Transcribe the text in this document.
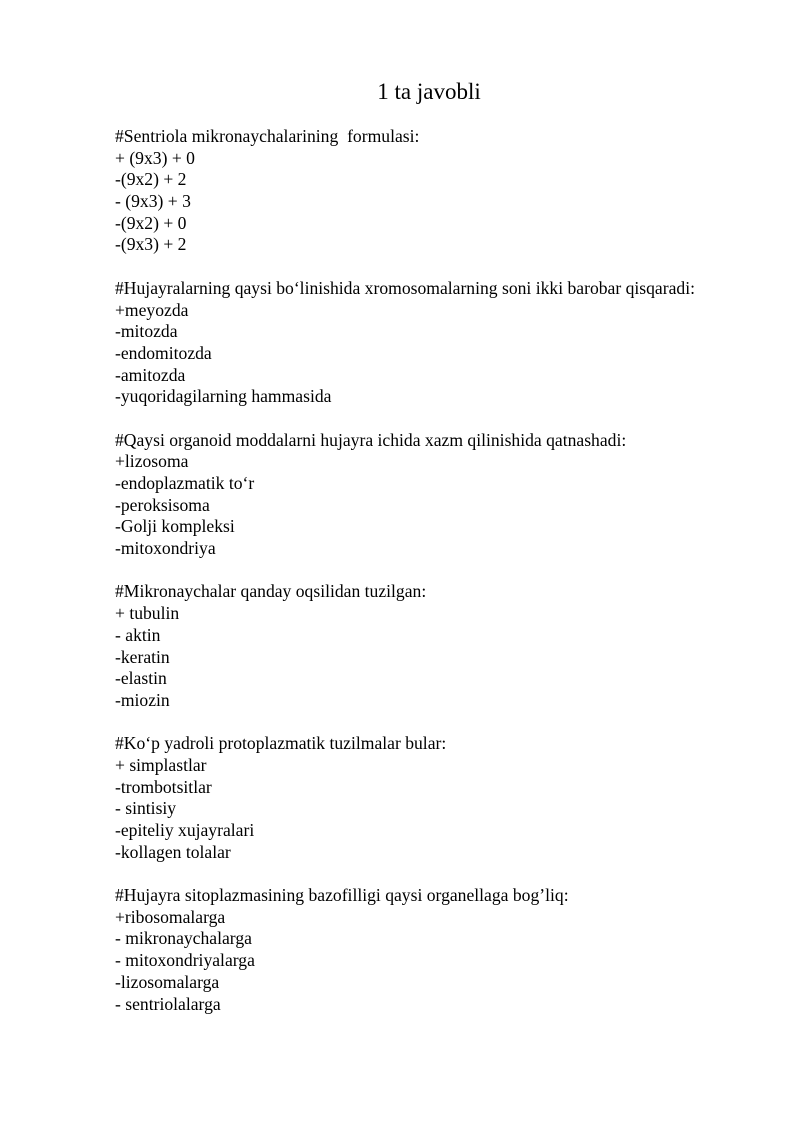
1 ta javobli
#Sentriola mikronaychalarining  formulasi:
+ (9x3) + 0
-(9x2) + 2
- (9x3) + 3
-(9x2) + 0
-(9x3) + 2
#Hujayralarning qaysi bo‘linishida xromosomalarning soni ikki barobar qisqaradi:
+meyozda
-mitozda
-endomitozda
-amitozda
-yuqoridagilarning hammasida
#Qaysi organoid moddalarni hujayra ichida xazm qilinishida qatnashadi:
+lizosoma
-endoplazmatik to‘r
-peroksisoma
-Golji kompleksi
-mitoxondriya
#Mikronaychalar qanday oqsilidan tuzilgan:
+ tubulin
- aktin
-keratin
-elastin
-miozin
#Ko‘p yadroli protoplazmatik tuzilmalar bular:
+ simplastlar
-trombotsitlar
- sintisiy
-epiteliy xujayralari
-kollagen tolalar
#Hujayra sitoplazmasining bazofilligi qaysi organellaga bog’liq:
+ribosomalarga
- mikronaychalarga
- mitoxondriyalarga
-lizosomalarga
- sentriolalarga
